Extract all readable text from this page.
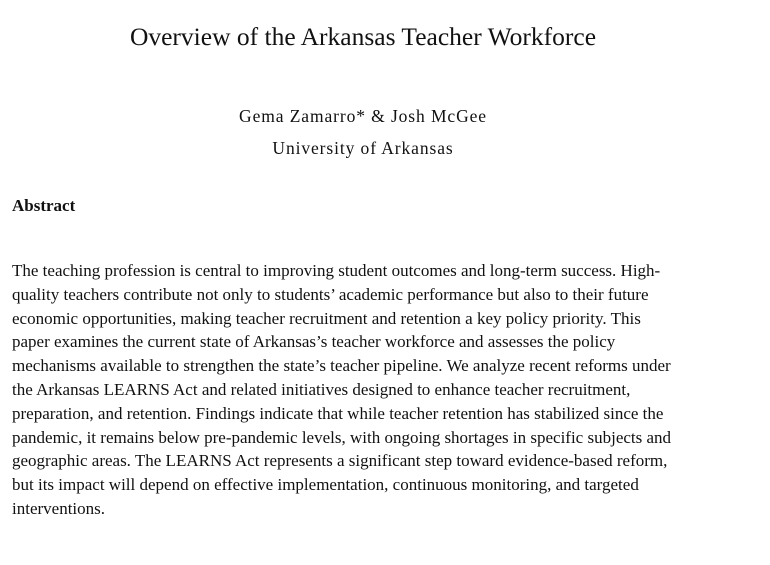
Overview of the Arkansas Teacher Workforce
Gema Zamarro* & Josh McGee
University of Arkansas
Abstract

The teaching profession is central to improving student outcomes and long-term success. High-
quality teachers contribute not only to students’ academic performance but also to their future
economic opportunities, making teacher recruitment and retention a key policy priority. This
paper examines the current state of Arkansas’s teacher workforce and assesses the policy
mechanisms available to strengthen the state’s teacher pipeline. We analyze recent reforms under
the Arkansas LEARNS Act and related initiatives designed to enhance teacher recruitment,
preparation, and retention. Findings indicate that while teacher retention has stabilized since the
pandemic, it remains below pre-pandemic levels, with ongoing shortages in specific subjects and
geographic areas. The LEARNS Act represents a significant step toward evidence-based reform,
but its impact will depend on effective implementation, continuous monitoring, and targeted
interventions.
